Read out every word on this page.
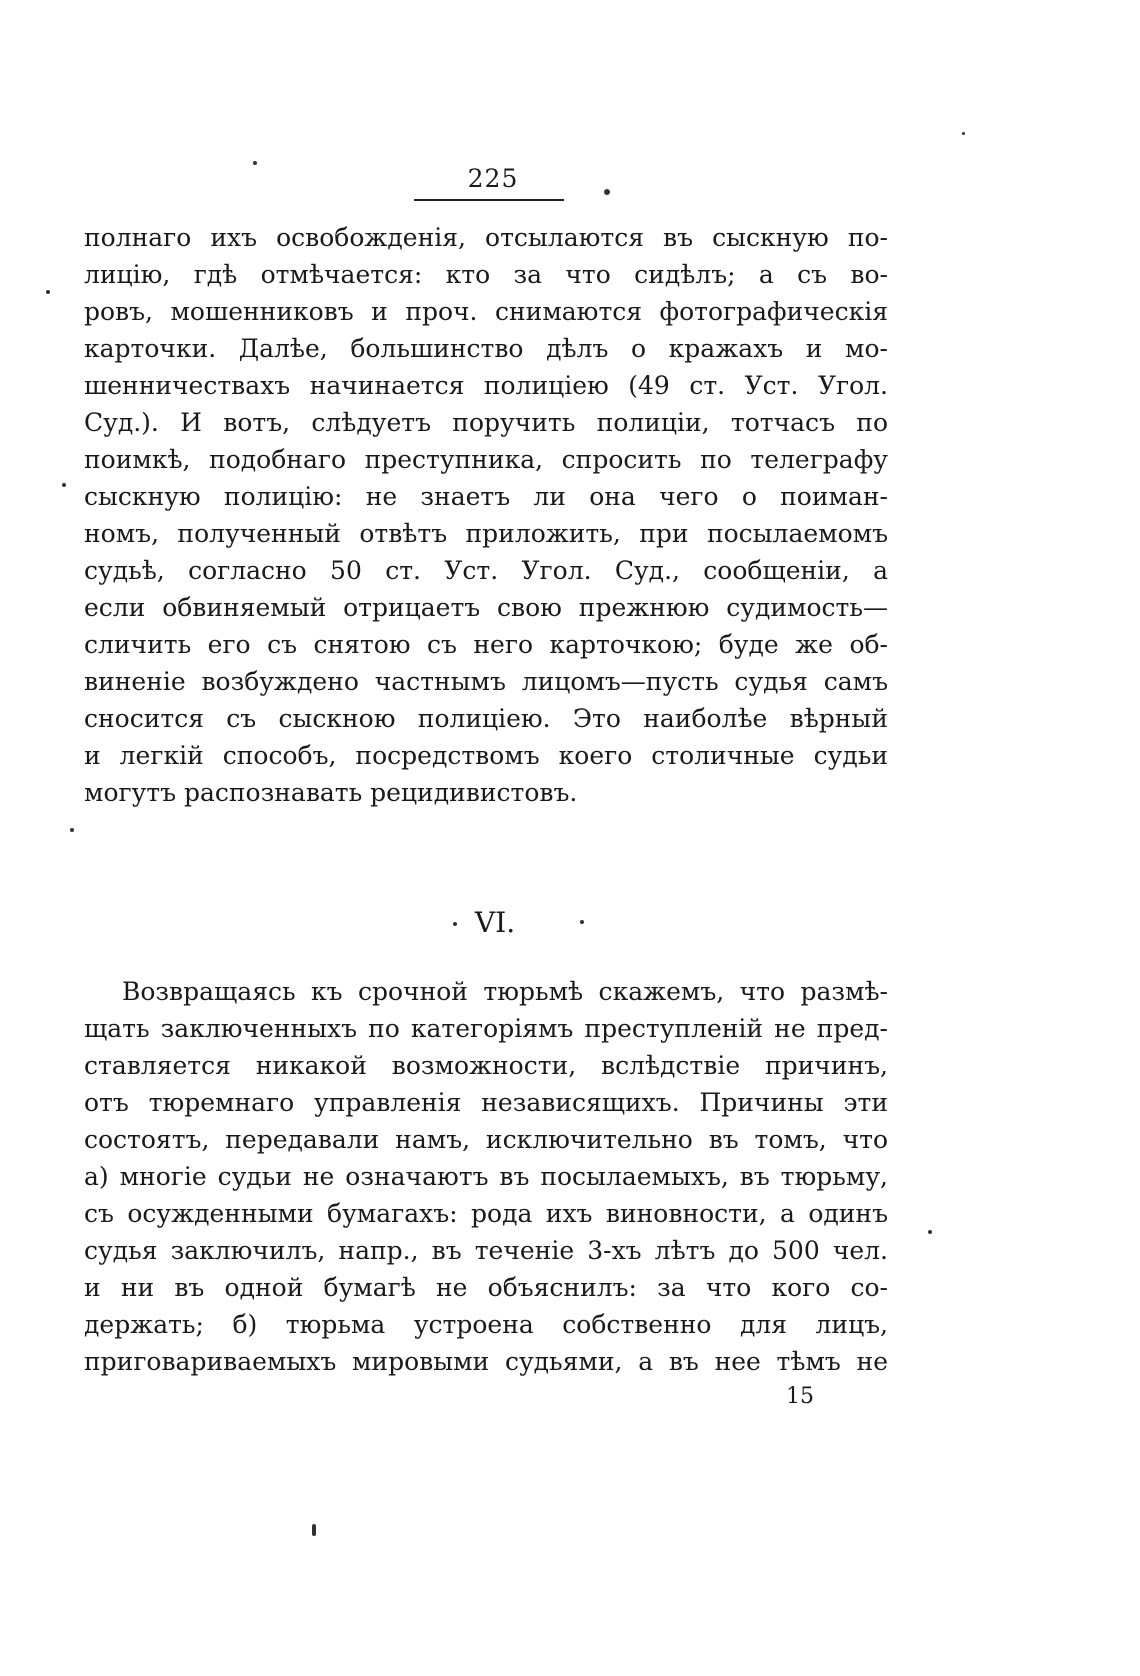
225
полнаго ихъ освобожденія, отсылаются въ сыскную по-
лицію, гдѣ отмѣчается: кто за что сидѣлъ; а съ во-
ровъ, мошенниковъ и проч. снимаются фотографическія
карточки. Далѣе, большинство дѣлъ о кражахъ и мо-
шенничествахъ начинается полиціею (49 ст. Уст. Угол.
Суд.). И вотъ, слѣдуетъ поручить полиціи, тотчасъ по
поимкѣ, подобнаго преступника, спросить по телеграфу
сыскную полицію: не знаетъ ли она чего о поиман-
номъ, полученный отвѣтъ приложить, при посылаемомъ
судьѣ, согласно 50 ст. Уст. Угол. Суд., сообщеніи, а
если обвиняемый отрицаетъ свою прежнюю судимость—
сличить его съ снятою съ него карточкою; буде же об-
виненіе возбуждено частнымъ лицомъ—пусть судья самъ
сносится съ сыскною полиціею. Это наиболѣе вѣрный
и легкій способъ, посредствомъ коего столичные судьи
могутъ распознавать рецидивистовъ.
VI.
Возвращаясь къ срочной тюрьмѣ скажемъ, что размѣ-
щать заключенныхъ по категоріямъ преступленій не пред-
ставляется никакой возможности, вслѣдствіе причинъ,
отъ тюремнаго управленія независящихъ. Причины эти
состоятъ, передавали намъ, исключительно въ томъ, что
а) многіе судьи не означаютъ въ посылаемыхъ, въ тюрьму,
съ осужденными бумагахъ: рода ихъ виновности, а одинъ
судья заключилъ, напр., въ теченіе 3-хъ лѣтъ до 500 чел.
и ни въ одной бумагѣ не объяснилъ: за что кого со-
держать; б) тюрьма устроена собственно для лицъ,
приговариваемыхъ мировыми судьями, а въ нее тѣмъ не
15
